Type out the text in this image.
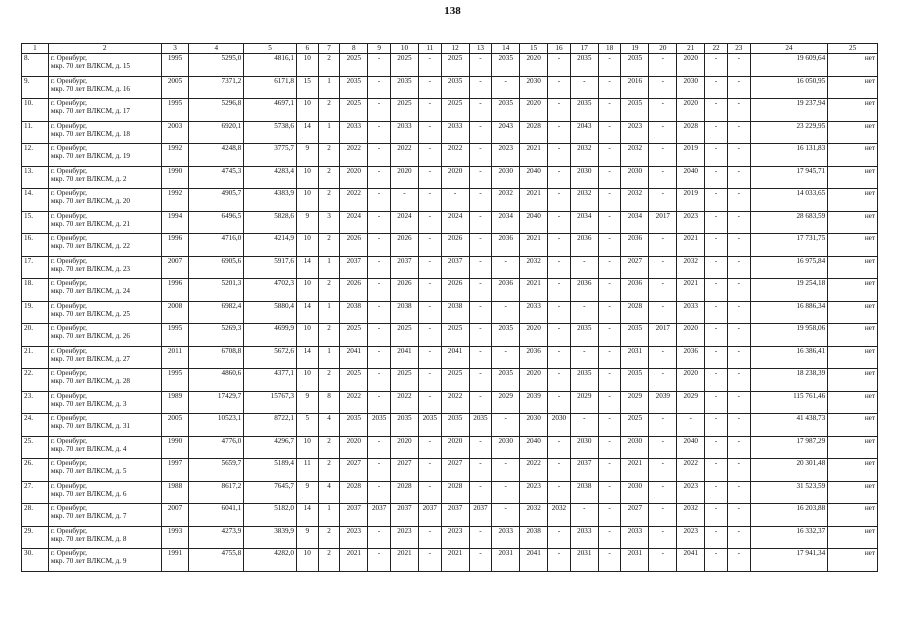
138
1	2	3	4	5	6	7	8	9	10	11	12	13	14	15	16	17	18	19	20	21	22	23	24	25
8.	г. Оренбург,
мкр. 70 лет ВЛКСМ, д. 15	1995	5295,0	4816,1	10	2	2025	-	2025	-	2025	-	2035	2020	-	2035	-	2035	-	2020	-	-	19 609,64	нет
9.	г. Оренбург,
мкр. 70 лет ВЛКСМ, д. 16	2005	7371,2	6171,8	15	1	2035	-	2035	-	2035	-	-	2030	-	-	-	2016	-	2030	-	-	16 050,95	нет
10.	г. Оренбург,
мкр. 70 лет ВЛКСМ, д. 17	1995	5296,8	4697,1	10	2	2025	-	2025	-	2025	-	2035	2020	-	2035	-	2035	-	2020	-	-	19 237,94	нет
11.	г. Оренбург,
мкр. 70 лет ВЛКСМ, д. 18	2003	6920,1	5738,6	14	1	2033	-	2033	-	2033	-	2043	2028	-	2043	-	2023	-	2028	-	-	23 229,95	нет
12.	г. Оренбург,
мкр. 70 лет ВЛКСМ, д. 19	1992	4248,8	3775,7	9	2	2022	-	2022	-	2022	-	2023	2021	-	2032	-	2032	-	2019	-	-	16 131,83	нет
13.	г. Оренбург,
мкр. 70 лет ВЛКСМ, д. 2	1990	4745,3	4283,4	10	2	2020	-	2020	-	2020	-	2030	2040	-	2030	-	2030	-	2040	-	-	17 945,71	нет
14.	г. Оренбург,
мкр. 70 лет ВЛКСМ, д. 20	1992	4905,7	4383,9	10	2	2022	-	-	-	-	-	2032	2021	-	2032	-	2032	-	2019	-	-	14 033,65	нет
15.	г. Оренбург,
мкр. 70 лет ВЛКСМ, д. 21	1994	6496,5	5828,6	9	3	2024	-	2024	-	2024	-	2034	2040	-	2034	-	2034	2017	2023	-	-	28 683,59	нет
16.	г. Оренбург,
мкр. 70 лет ВЛКСМ, д. 22	1996	4716,0	4214,9	10	2	2026	-	2026	-	2026	-	2036	2021	-	2036	-	2036	-	2021	-	-	17 731,75	нет
17.	г. Оренбург,
мкр. 70 лет ВЛКСМ, д. 23	2007	6905,6	5917,6	14	1	2037	-	2037	-	2037	-	-	2032	-	-	-	2027	-	2032	-	-	16 975,84	нет
18.	г. Оренбург,
мкр. 70 лет ВЛКСМ, д. 24	1996	5201,3	4702,3	10	2	2026	-	2026	-	2026	-	2036	2021	-	2036	-	2036	-	2021	-	-	19 254,18	нет
19.	г. Оренбург,
мкр. 70 лет ВЛКСМ, д. 25	2008	6982,4	5880,4	14	1	2038	-	2038	-	2038	-	-	2033	-	-	-	2028	-	2033	-	-	16 886,34	нет
20.	г. Оренбург,
мкр. 70 лет ВЛКСМ, д. 26	1995	5269,3	4699,9	10	2	2025	-	2025	-	2025	-	2035	2020	-	2035	-	2035	2017	2020	-	-	19 958,06	нет
21.	г. Оренбург,
мкр. 70 лет ВЛКСМ, д. 27	2011	6708,8	5672,6	14	1	2041	-	2041	-	2041	-	-	2036	-	-	-	2031	-	2036	-	-	16 386,41	нет
22.	г. Оренбург,
мкр. 70 лет ВЛКСМ, д. 28	1995	4860,6	4377,1	10	2	2025	-	2025	-	2025	-	2035	2020	-	2035	-	2035	-	2020	-	-	18 238,39	нет
23.	г. Оренбург,
мкр. 70 лет ВЛКСМ, д. 3	1989	17429,7	15767,3	9	8	2022	-	2022	-	2022	-	2029	2039	-	2029	-	2029	2039	2029	-	-	115 761,46	нет
24.	г. Оренбург,
мкр. 70 лет ВЛКСМ, д. 31	2005	10523,1	8722,1	5	4	2035	2035	2035	2035	2035	2035	-	2030	2030	-	-	2025	-	-	-	-	41 438,73	нет
25.	г. Оренбург,
мкр. 70 лет ВЛКСМ, д. 4	1990	4776,0	4296,7	10	2	2020	-	2020	-	2020	-	2030	2040	-	2030	-	2030	-	2040	-	-	17 987,29	нет
26.	г. Оренбург,
мкр. 70 лет ВЛКСМ, д. 5	1997	5659,7	5189,4	11	2	2027	-	2027	-	2027	-	-	2022	-	2037	-	2021	-	2022	-	-	20 301,48	нет
27.	г. Оренбург,
мкр. 70 лет ВЛКСМ, д. 6	1988	8617,2	7645,7	9	4	2028	-	2028	-	2028	-	-	2023	-	2038	-	2030	-	2023	-	-	31 523,59	нет
28.	г. Оренбург,
мкр. 70 лет ВЛКСМ, д. 7	2007	6041,1	5182,0	14	1	2037	2037	2037	2037	2037	2037	-	2032	2032	-	-	2027	-	2032	-	-	16 203,88	нет
29.	г. Оренбург,
мкр. 70 лет ВЛКСМ, д. 8	1993	4273,9	3839,9	9	2	2023	-	2023	-	2023	-	2033	2038	-	2033	-	2033	-	2023	-	-	16 332,37	нет
30.	г. Оренбург,
мкр. 70 лет ВЛКСМ, д. 9	1991	4755,8	4282,0	10	2	2021	-	2021	-	2021	-	2031	2041	-	2031	-	2031	-	2041	-	-	17 941,34	нет
